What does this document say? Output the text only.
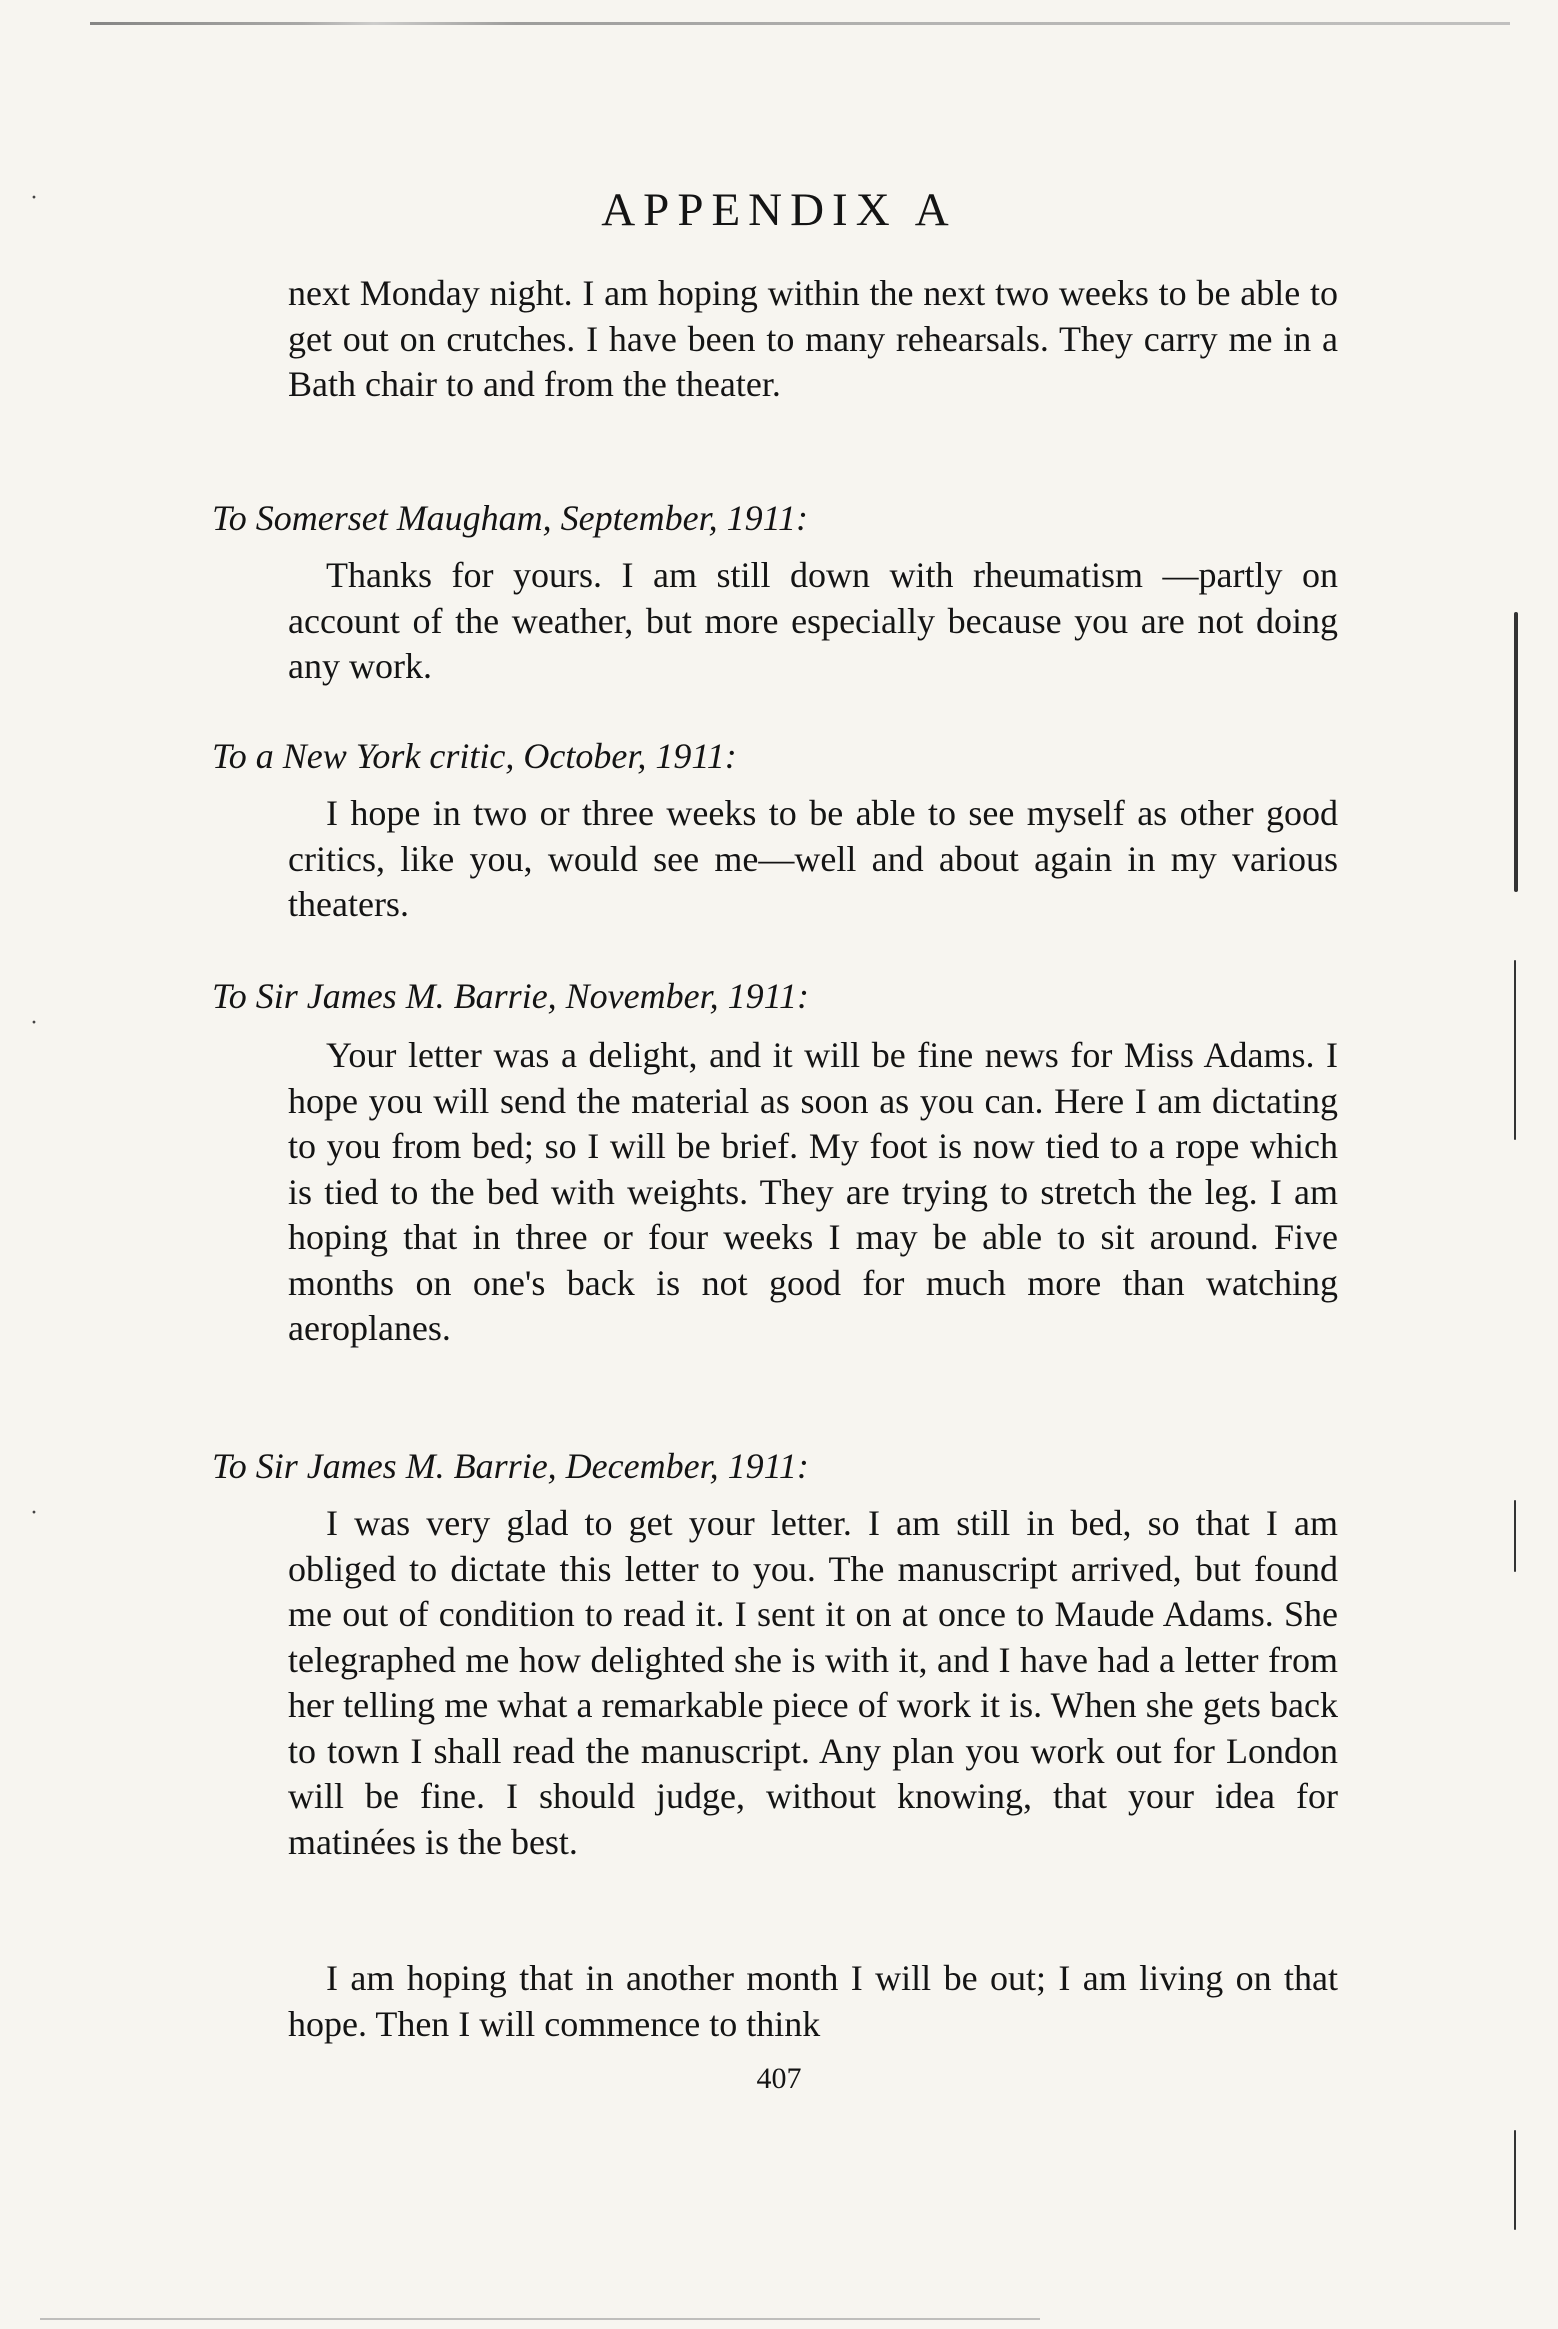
·
·
·
APPENDIX A

next Monday night. I am hoping within the next two weeks to be able to get out on crutches. I have been to many rehearsals. They carry me in a Bath chair to and from the theater.

To Somerset Maugham, September, 1911:

Thanks for yours. I am still down with rheumatism —partly on account of the weather, but more especially because you are not doing any work.

To a New York critic, October, 1911:

I hope in two or three weeks to be able to see myself as other good critics, like you, would see me—well and about again in my various theaters.

To Sir James M. Barrie, November, 1911:

Your letter was a delight, and it will be fine news for Miss Adams. I hope you will send the material as soon as you can. Here I am dictating to you from bed; so I will be brief. My foot is now tied to a rope which is tied to the bed with weights. They are trying to stretch the leg. I am hoping that in three or four weeks I may be able to sit around. Five months on one's back is not good for much more than watching aeroplanes.

To Sir James M. Barrie, December, 1911:

I was very glad to get your letter. I am still in bed, so that I am obliged to dictate this letter to you. The manuscript arrived, but found me out of condition to read it. I sent it on at once to Maude Adams. She telegraphed me how delighted she is with it, and I have had a letter from her telling me what a remarkable piece of work it is. When she gets back to town I shall read the manuscript. Any plan you work out for London will be fine. I should judge, without knowing, that your idea for matinées is the best.

I am hoping that in another month I will be out; I am living on that hope. Then I will commence to think

407
